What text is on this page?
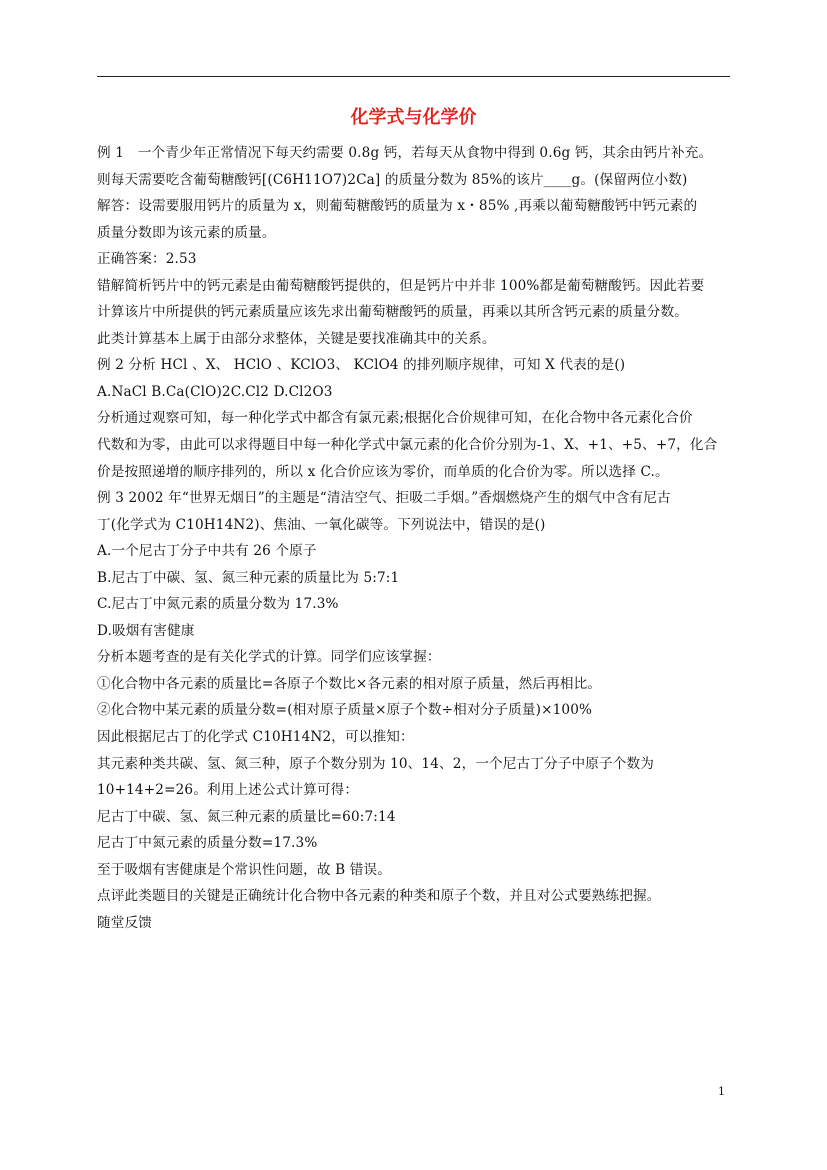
化学式与化学价
例 1　一个青少年正常情况下每天约需要 0.8g 钙，若每天从食物中得到 0.6g 钙，其余由钙片补充。
则每天需要吃含葡萄糖酸钙[(C6H11O7)2Ca] 的质量分数为 85%的该片____g。(保留两位小数)
解答：设需要服用钙片的质量为 x，则葡萄糖酸钙的质量为 x・85% ,再乘以葡萄糖酸钙中钙元素的
质量分数即为该元素的质量。
正确答案：2.53
错解简析钙片中的钙元素是由葡萄糖酸钙提供的，但是钙片中并非 100%都是葡萄糖酸钙。因此若要
计算该片中所提供的钙元素质量应该先求出葡萄糖酸钙的质量，再乘以其所含钙元素的质量分数。
此类计算基本上属于由部分求整体，关键是要找准确其中的关系。
例 2 分析 HCl 、X、 HClO 、KClO3、 KClO4 的排列顺序规律，可知 X 代表的是()
A.NaCl B.Ca(ClO)2C.Cl2 D.Cl2O3
分析通过观察可知，每一种化学式中都含有氯元素;根据化合价规律可知，在化合物中各元素化合价
代数和为零，由此可以求得题目中每一种化学式中氯元素的化合价分别为-1、X、+1、+5、+7，化合
价是按照递增的顺序排列的，所以 x 化合价应该为零价，而单质的化合价为零。所以选择 C.。
例 3 2002 年“世界无烟日”的主题是“清洁空气、拒吸二手烟。”香烟燃烧产生的烟气中含有尼古
丁(化学式为 C10H14N2)、焦油、一氧化碳等。下列说法中，错误的是()
A.一个尼古丁分子中共有 26 个原子
B.尼古丁中碳、氢、氮三种元素的质量比为 5:7:1
C.尼古丁中氮元素的质量分数为 17.3%
D.吸烟有害健康
分析本题考查的是有关化学式的计算。同学们应该掌握：
①化合物中各元素的质量比=各原子个数比×各元素的相对原子质量，然后再相比。
②化合物中某元素的质量分数=(相对原子质量×原子个数÷相对分子质量)×100%
因此根据尼古丁的化学式 C10H14N2，可以推知：
其元素种类共碳、氢、氮三种，原子个数分别为 10、14、2，一个尼古丁分子中原子个数为
10+14+2=26。利用上述公式计算可得：
尼古丁中碳、氢、氮三种元素的质量比=60:7:14
尼古丁中氮元素的质量分数=17.3%
至于吸烟有害健康是个常识性问题，故 B 错误。
点评此类题目的关键是正确统计化合物中各元素的种类和原子个数，并且对公式要熟练把握。
随堂反馈
1
